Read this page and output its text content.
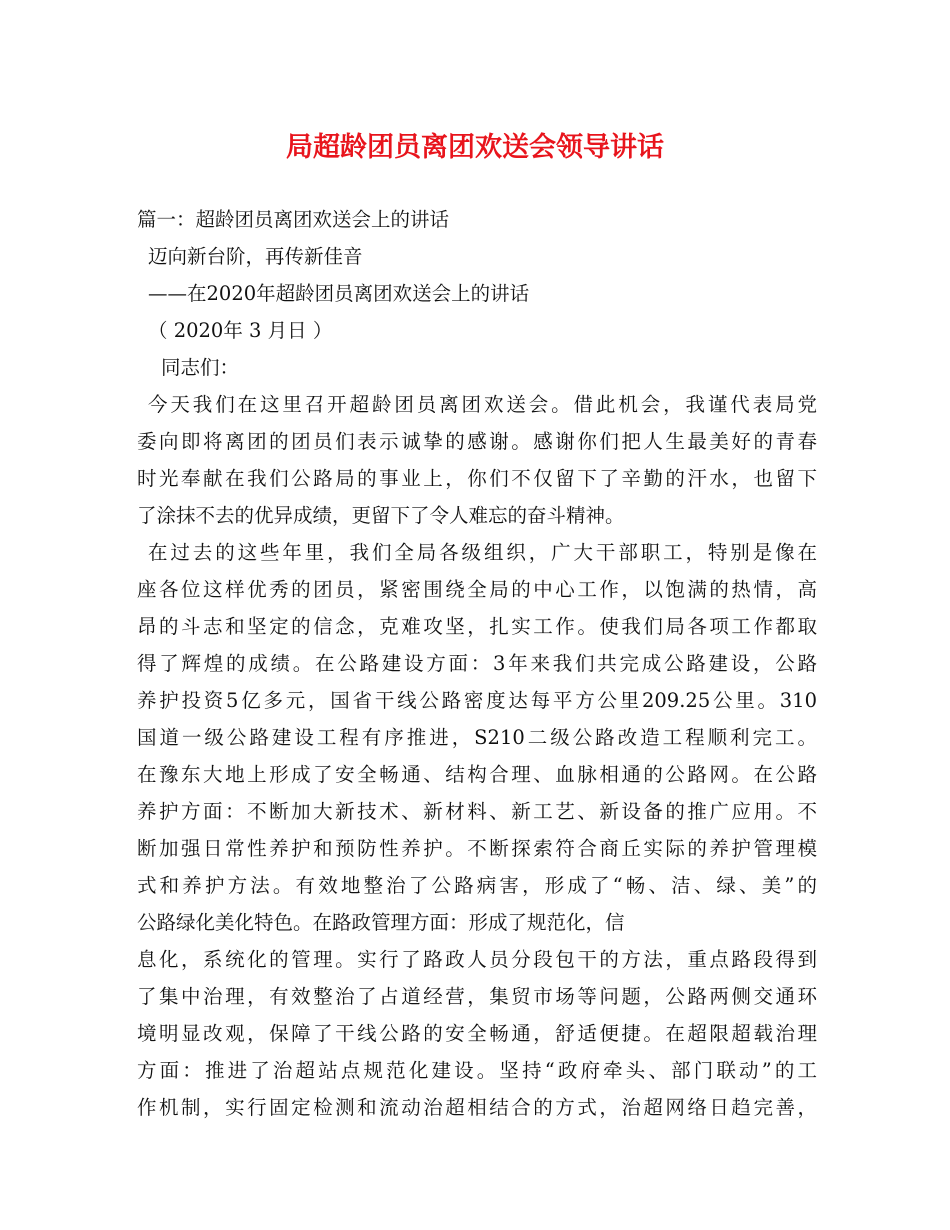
局超龄团员离团欢送会领导讲话
篇一：超龄团员离团欢送会上的讲话
迈向新台阶，再传新佳音
——在2020年超龄团员离团欢送会上的讲话
（ 2020年 3 月日 ）
同志们：
今天我们在这里召开超龄团员离团欢送会。借此机会，我谨代表局党
委向即将离团的团员们表示诚挚的感谢。感谢你们把人生最美好的青春
时光奉献在我们公路局的事业上，你们不仅留下了辛勤的汗水，也留下
了涂抹不去的优异成绩，更留下了令人难忘的奋斗精神。
在过去的这些年里，我们全局各级组织，广大干部职工，特别是像在
座各位这样优秀的团员，紧密围绕全局的中心工作，以饱满的热情，高
昂的斗志和坚定的信念，克难攻坚，扎实工作。使我们局各项工作都取
得了辉煌的成绩。在公路建设方面：3年来我们共完成公路建设，公路
养护投资5亿多元，国省干线公路密度达每平方公里209.25公里。310
国道一级公路建设工程有序推进，S210二级公路改造工程顺利完工。
在豫东大地上形成了安全畅通、结构合理、血脉相通的公路网。在公路
养护方面：不断加大新技术、新材料、新工艺、新设备的推广应用。不
断加强日常性养护和预防性养护。不断探索符合商丘实际的养护管理模
式和养护方法。有效地整治了公路病害，形成了“畅、洁、绿、美”的
公路绿化美化特色。在路政管理方面：形成了规范化，信
息化，系统化的管理。实行了路政人员分段包干的方法，重点路段得到
了集中治理，有效整治了占道经营，集贸市场等问题，公路两侧交通环
境明显改观，保障了干线公路的安全畅通，舒适便捷。在超限超载治理
方面：推进了治超站点规范化建设。坚持“政府牵头、部门联动”的工
作机制，实行固定检测和流动治超相结合的方式，治超网络日趋完善，
